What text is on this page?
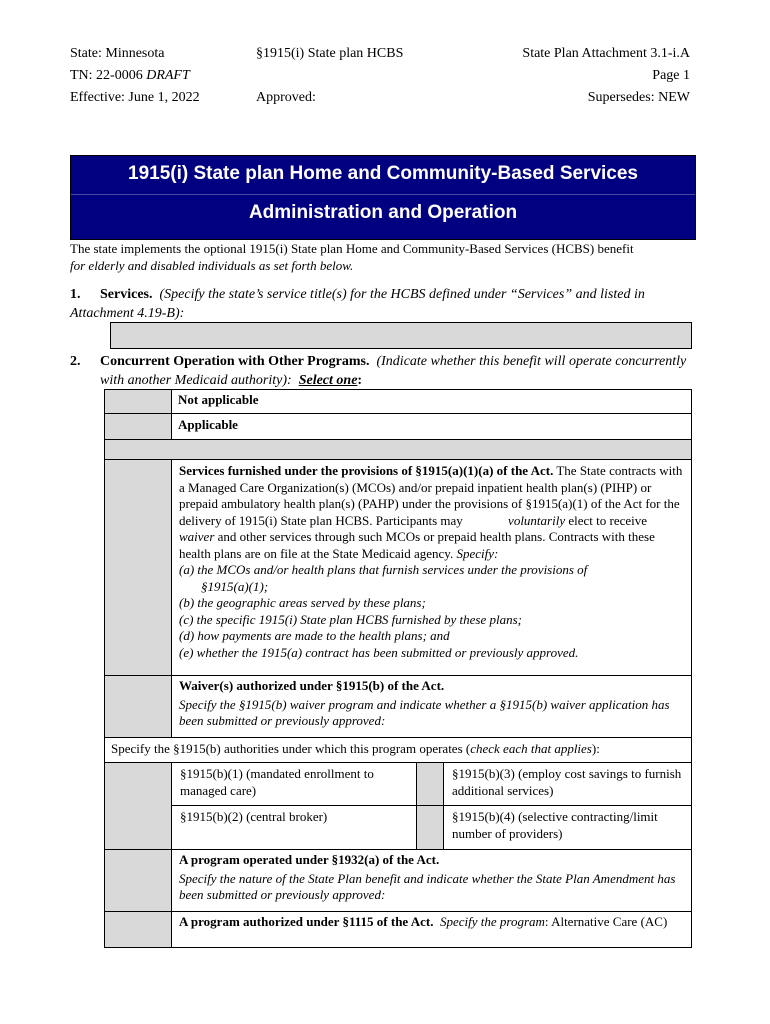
State: Minnesota
TN: 22-0006 DRAFT
Effective: June 1, 2022
§1915(i) State plan HCBS

Approved:
State Plan Attachment 3.1-i.A
Page 1
Supersedes: NEW
1915(i) State plan Home and Community-Based Services
Administration and Operation
The state implements the optional 1915(i) State plan Home and Community-Based Services (HCBS) benefit
for elderly and disabled individuals as set forth below.
1. Services. (Specify the state’s service title(s) for the HCBS defined under “Services” and listed in
Attachment 4.19-B):
2. Concurrent Operation with Other Programs. (Indicate whether this benefit will operate concurrently
with another Medicaid authority): Select one:
Not applicable
Applicable
Services furnished under the provisions of §1915(a)(1)(a) of the Act. The State contracts with a Managed Care Organization(s) (MCOs) and/or prepaid inpatient health plan(s) (PIHP) or prepaid ambulatory health plan(s) (PAHP) under the provisions of §1915(a)(1) of the Act for the delivery of 1915(i) State plan HCBS. Participants may	voluntarily elect to receive waiver and other services through such MCOs or prepaid health plans. Contracts with these health plans are on file at the State Medicaid agency. Specify:
(a) the MCOs and/or health plans that furnish services under the provisions of
§1915(a)(1);
(b) the geographic areas served by these plans;
(c) the specific 1915(i) State plan HCBS furnished by these plans;
(d) how payments are made to the health plans; and
(e) whether the 1915(a) contract has been submitted or previously approved.
Waiver(s) authorized under §1915(b) of the Act.
Specify the §1915(b) waiver program and indicate whether a §1915(b) waiver application has been submitted or previously approved:
Specify the §1915(b) authorities under which this program operates (check each that applies):
§1915(b)(1) (mandated enrollment to managed care)
§1915(b)(3) (employ cost savings to furnish additional services)
§1915(b)(2) (central broker)	§1915(b)(4) (selective contracting/limit number of providers)
A program operated under §1932(a) of the Act.
Specify the nature of the State Plan benefit and indicate whether the State Plan Amendment has been submitted or previously approved:
A program authorized under §1115 of the Act. Specify the program: Alternative Care (AC)
